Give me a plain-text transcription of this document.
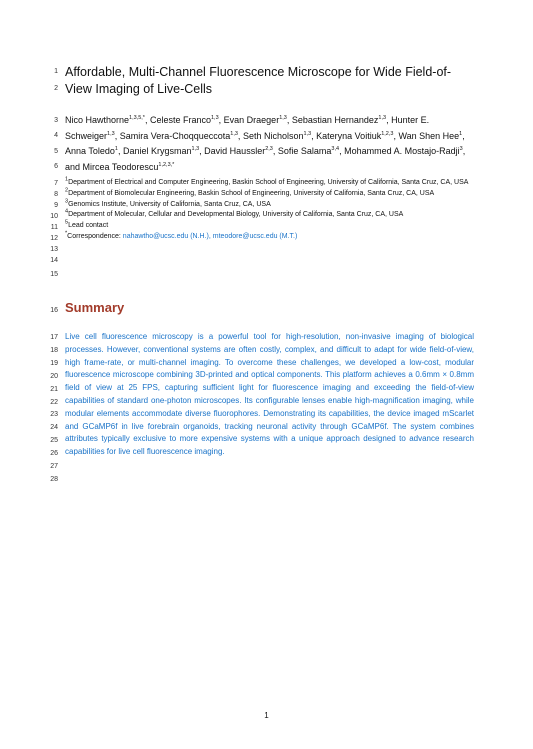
1
2
3
4
5
6
7
8
9
10
11
12
13
14
15
16
17
18
19
20
21
22
23
24
25
26
27
28
Affordable, Multi-Channel Fluorescence Microscope for Wide Field-of-View Imaging of Live-Cells
Nico Hawthorne$^{1,3,5,*}$, Celeste Franco$^{1,3}$, Evan Draeger$^{1,3}$, Sebastian Hernandez$^{1,3}$, Hunter E. Schweiger$^{1,3}$, Samira Vera-Choqqueccota$^{1,3}$, Seth Nicholson$^{1,3}$, Kateryna Voitiuk$^{1,2,3}$, Wan Shen Hee$^1$, Anna Toledo$^1$, Daniel Krygsman$^{1,3}$, David Haussler$^{2,3}$, Sofie Salama$^{3,4}$, Mohammed A. Mostajo-Radji$^3$, and Mircea Teodorescu$^{1,2,3,*}$
$^1$Department of Electrical and Computer Engineering, Baskin School of Engineering, University of California, Santa Cruz, CA, USA
$^2$Department of Biomolecular Engineering, Baskin School of Engineering, University of California, Santa Cruz, CA, USA
$^3$Genomics Institute, University of California, Santa Cruz, CA, USA
$^4$Department of Molecular, Cellular and Developmental Biology, University of California, Santa Cruz, CA, USA
$^5$Lead contact
*Correspondence: nahawtho@ucsc.edu (N.H.), mteodore@ucsc.edu (M.T.)
Summary
Live cell fluorescence microscopy is a powerful tool for high-resolution, non-invasive imaging of biological processes. However, conventional systems are often costly, complex, and difficult to adapt for wide field-of-view, high frame-rate, or multi-channel imaging. To overcome these challenges, we developed a low-cost, modular fluorescence microscope combining 3D-printed and optical components. This platform achieves a 0.6mm × 0.8mm field of view at 25 FPS, capturing sufficient light for fluorescence imaging and exceeding the field-of-view capabilities of standard one-photon microscopes. Its configurable lenses enable high-magnification imaging, while modular elements accommodate diverse fluorophores. Demonstrating its capabilities, the device imaged mScarlet and GCaMP6f in live forebrain organoids, tracking neuronal activity through GCaMP6f. The system combines attributes typically exclusive to more expensive systems with a unique approach designed to advance research capabilities for live cell fluorescence imaging.
1
